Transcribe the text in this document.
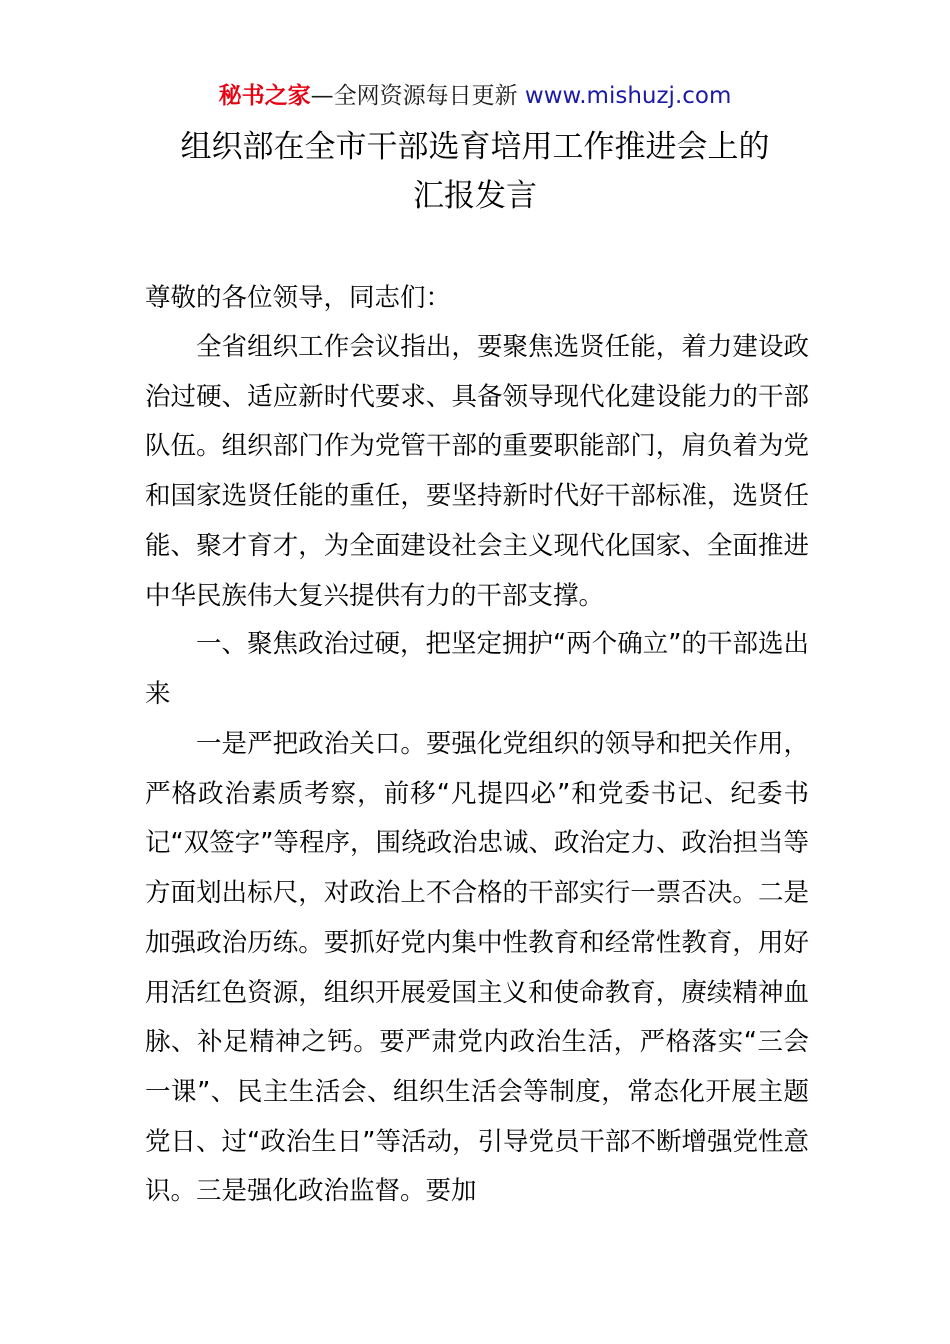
秘书之家—全网资源每日更新 www.mishuzj.com
组织部在全市干部选育培用工作推进会上的
汇报发言
尊敬的各位领导，同志们：

全省组织工作会议指出，要聚焦选贤任能，着力建设政治过硬、适应新时代要求、具备领导现代化建设能力的干部队伍。组织部门作为党管干部的重要职能部门，肩负着为党和国家选贤任能的重任，要坚持新时代好干部标准，选贤任能、聚才育才，为全面建设社会主义现代化国家、全面推进中华民族伟大复兴提供有力的干部支撑。

一、聚焦政治过硬，把坚定拥护“两个确立”的干部选出来

一是严把政治关口。要强化党组织的领导和把关作用，严格政治素质考察，前移“凡提四必”和党委书记、纪委书记“双签字”等程序，围绕政治忠诚、政治定力、政治担当等方面划出标尺，对政治上不合格的干部实行一票否决。二是加强政治历练。要抓好党内集中性教育和经常性教育，用好用活红色资源，组织开展爱国主义和使命教育，赓续精神血脉、补足精神之钙。要严肃党内政治生活，严格落实“三会一课”、民主生活会、组织生活会等制度，常态化开展主题党日、过“政治生日”等活动，引导党员干部不断增强党性意识。三是强化政治监督。要加
